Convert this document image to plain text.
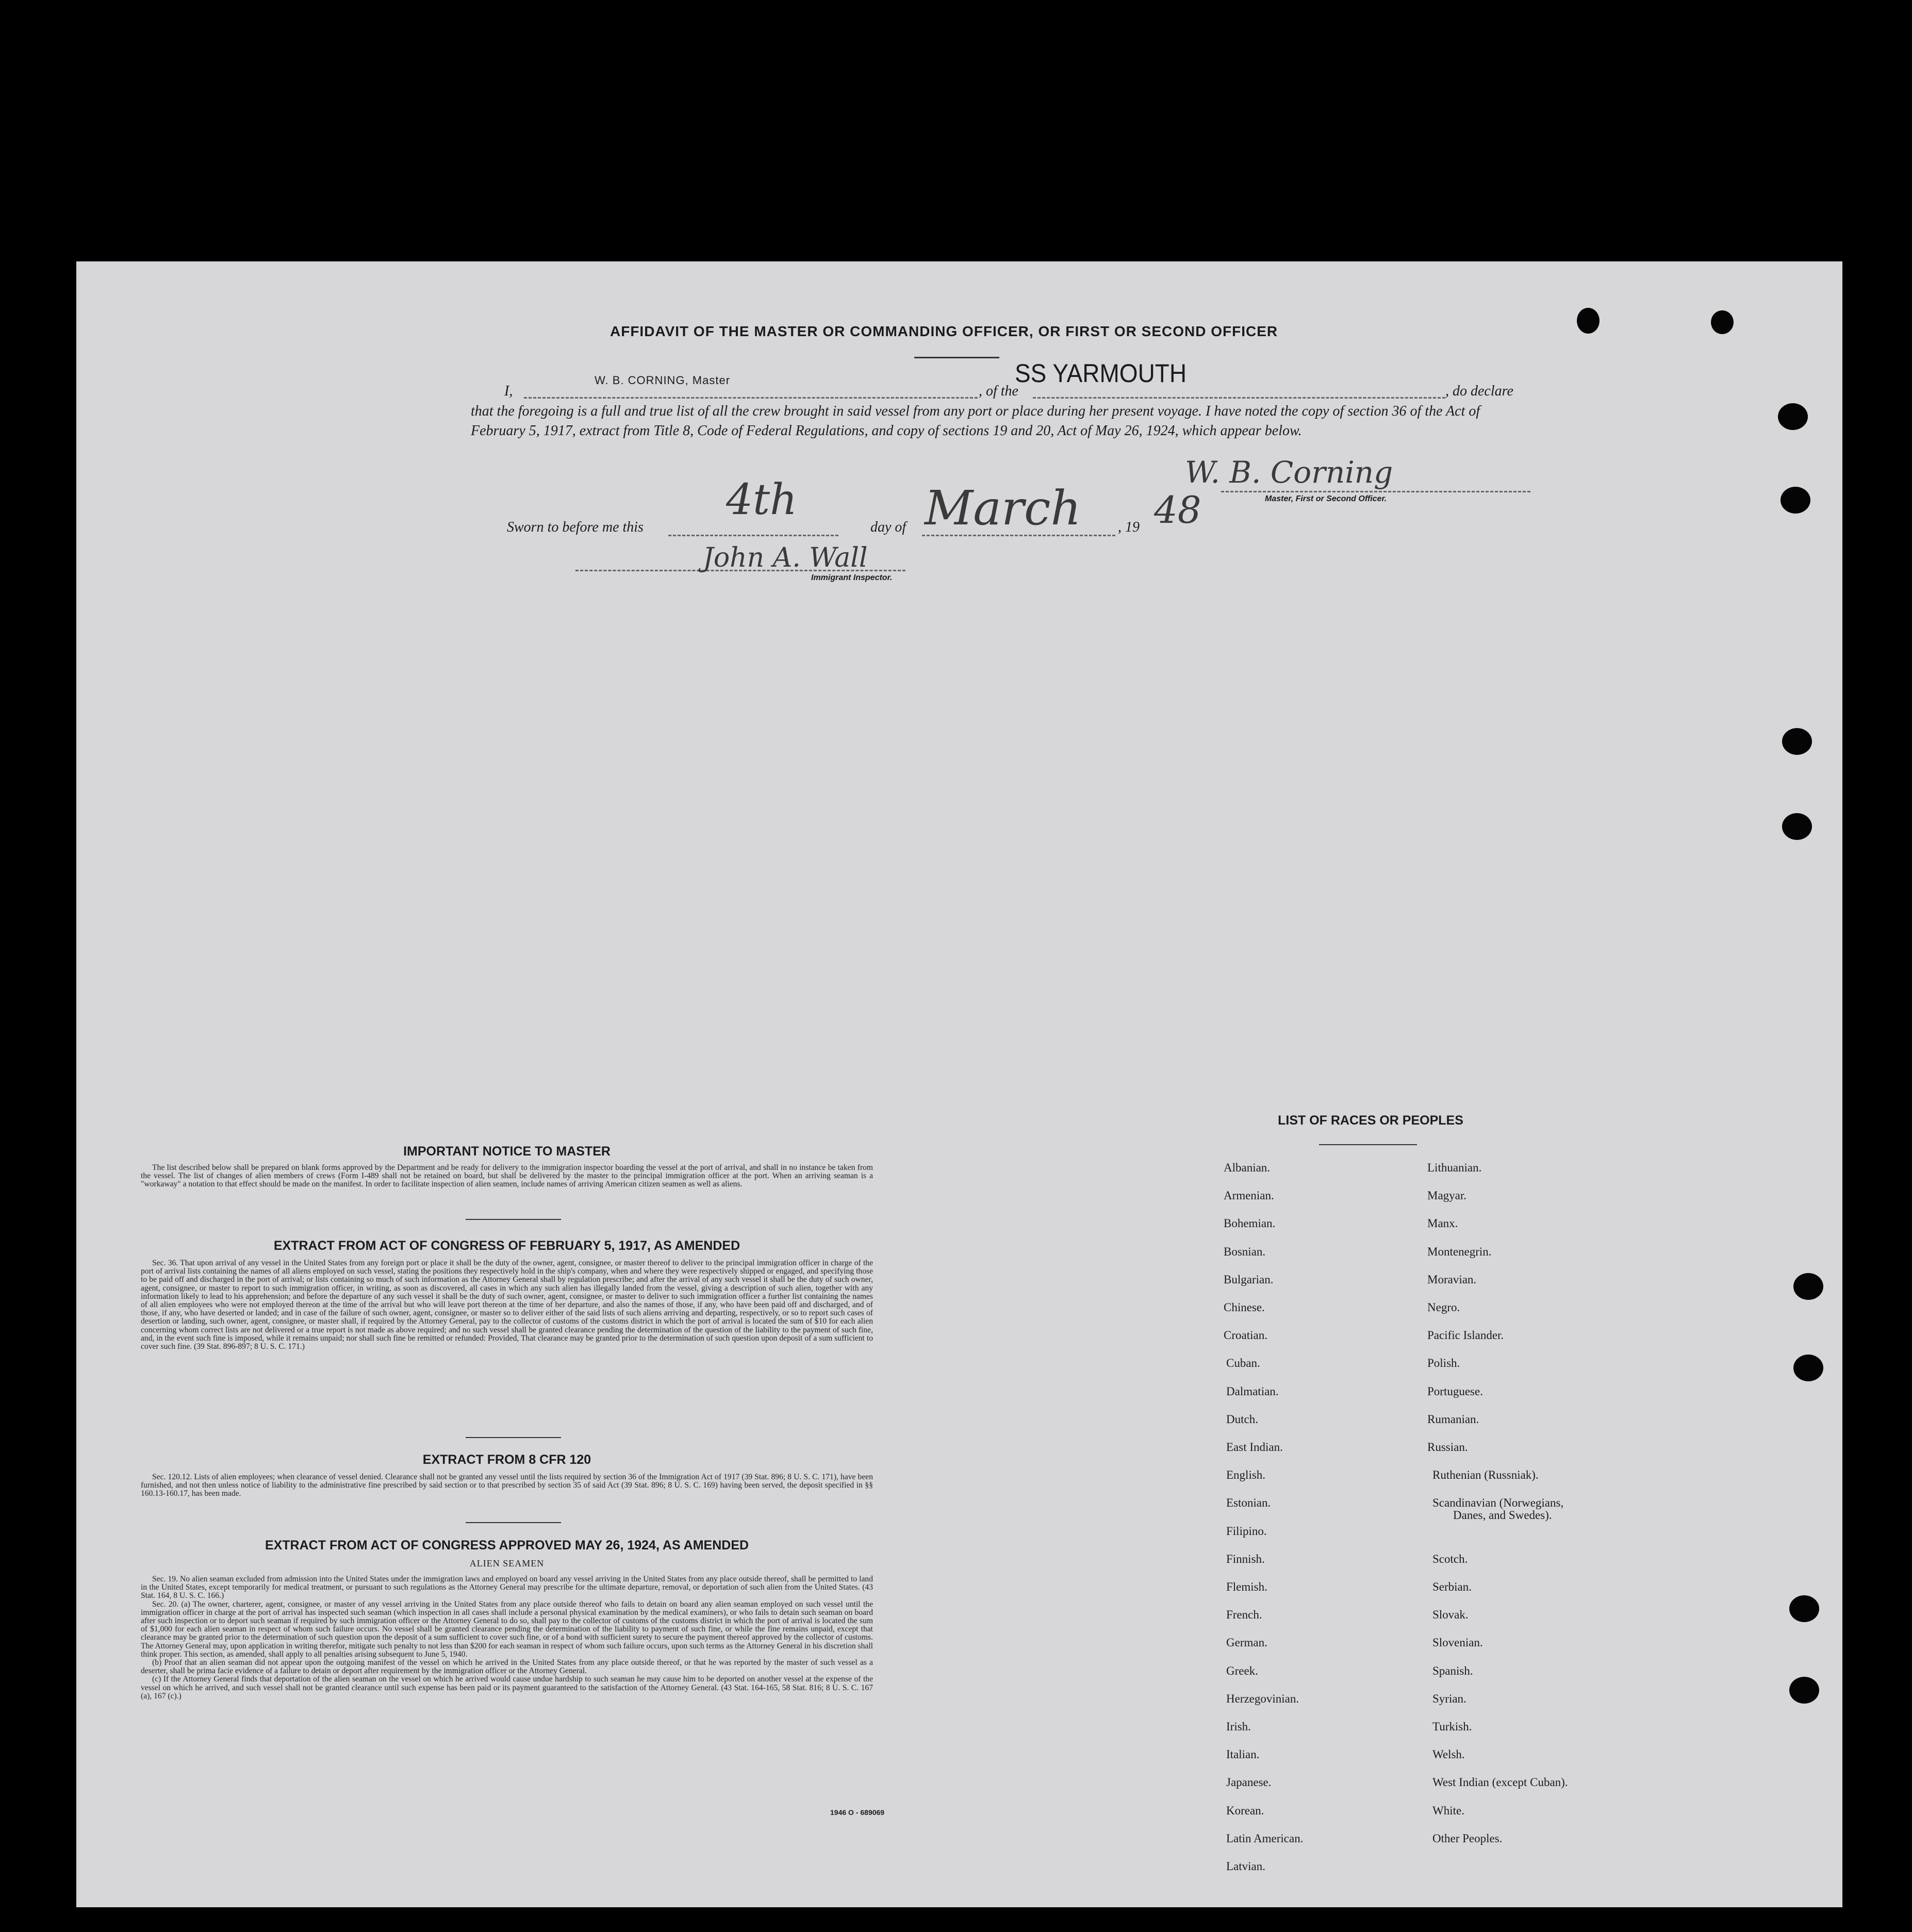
AFFIDAVIT OF THE MASTER OR COMMANDING OFFICER, OR FIRST OR SECOND OFFICER
I,
W. B. CORNING, Master
, of the
SS YARMOUTH
, do declare
that the foregoing is a full and true list of all the crew brought in said vessel from any port or place during her present voyage. I have noted the copy of section 36 of the Act of February 5, 1917, extract from Title 8, Code of Federal Regulations, and copy of sections 19 and 20, Act of May 26, 1924, which appear below.
Sworn to before me this
4th
day of March	, 19 48
W. B. Corning
Master, First or Second Officer.
John A. Wall
Immigrant Inspector.
IMPORTANT NOTICE TO MASTER

The list described below shall be prepared on blank forms approved by the Department and be ready for delivery to the immigration inspector boarding the vessel at the port of arrival, and shall in no instance be taken from the vessel. The list of changes of alien members of crews (Form I-489 shall not be retained on board, but shall be delivered by the master to the principal immigration officer at the port. When an arriving seaman is a "workaway" a notation to that effect should be made on the manifest. In order to facilitate inspection of alien seamen, include names of arriving American citizen seamen as well as aliens.

EXTRACT FROM ACT OF CONGRESS OF FEBRUARY 5, 1917, AS AMENDED

Sec. 36. That upon arrival of any vessel in the United States from any foreign port or place it shall be the duty of the owner, agent, consignee, or master thereof to deliver to the principal immigration officer in charge of the port of arrival lists containing the names of all aliens employed on such vessel, stating the positions they respectively hold in the ship's company, when and where they were respectively shipped or engaged, and specifying those to be paid off and discharged in the port of arrival; or lists containing so much of such information as the Attorney General shall by regulation prescribe; and after the arrival of any such vessel it shall be the duty of such owner, agent, consignee, or master to report to such immigration officer, in writing, as soon as discovered, all cases in which any such alien has illegally landed from the vessel, giving a description of such alien, together with any information likely to lead to his apprehension; and before the departure of any such vessel it shall be the duty of such owner, agent, consignee, or master to deliver to such immigration officer a further list containing the names of all alien employees who were not employed thereon at the time of the arrival but who will leave port thereon at the time of her departure, and also the names of those, if any, who have been paid off and discharged, and of those, if any, who have deserted or landed; and in case of the failure of such owner, agent, consignee, or master so to deliver either of the said lists of such aliens arriving and departing, respectively, or so to report such cases of desertion or landing, such owner, agent, consignee, or master shall, if required by the Attorney General, pay to the collector of customs of the customs district in which the port of arrival is located the sum of $10 for each alien concerning whom correct lists are not delivered or a true report is not made as above required; and no such vessel shall be granted clearance pending the determination of the question of the liability to the payment of such fine, and, in the event such fine is imposed, while it remains unpaid; nor shall such fine be remitted or refunded: Provided, That clearance may be granted prior to the determination of such question upon deposit of a sum sufficient to cover such fine. (39 Stat. 896-897; 8 U. S. C. 171.)

EXTRACT FROM 8 CFR 120

Sec. 120.12. Lists of alien employees; when clearance of vessel denied. Clearance shall not be granted any vessel until the lists required by section 36 of the Immigration Act of 1917 (39 Stat. 896; 8 U. S. C. 171), have been furnished, and not then unless notice of liability to the administrative fine prescribed by said section or to that prescribed by section 35 of said Act (39 Stat. 896; 8 U. S. C. 169) having been served, the deposit specified in §§ 160.13-160.17, has been made.

EXTRACT FROM ACT OF CONGRESS APPROVED MAY 26, 1924, AS AMENDED
ALIEN SEAMEN

Sec. 19. No alien seaman excluded from admission into the United States under the immigration laws and employed on board any vessel arriving in the United States from any place outside thereof, shall be permitted to land in the United States, except temporarily for medical treatment, or pursuant to such regulations as the Attorney General may prescribe for the ultimate departure, removal, or deportation of such alien from the United States. (43 Stat. 164, 8 U. S. C. 166.)

Sec. 20. (a) The owner, charterer, agent, consignee, or master of any vessel arriving in the United States from any place outside thereof who fails to detain on board any alien seaman employed on such vessel until the immigration officer in charge at the port of arrival has inspected such seaman (which inspection in all cases shall include a personal physical examination by the medical examiners), or who fails to detain such seaman on board after such inspection or to deport such seaman if required by such immigration officer or the Attorney General to do so, shall pay to the collector of customs of the customs district in which the port of arrival is located the sum of $1,000 for each alien seaman in respect of whom such failure occurs. No vessel shall be granted clearance pending the determination of the liability to payment of such fine, or while the fine remains unpaid, except that clearance may be granted prior to the determination of such question upon the deposit of a sum sufficient to cover such fine, or of a bond with sufficient surety to secure the payment thereof approved by the collector of customs. The Attorney General may, upon application in writing therefor, mitigate such penalty to not less than $200 for each seaman in respect of whom such failure occurs, upon such terms as the Attorney General in his discretion shall think proper. This section, as amended, shall apply to all penalties arising subsequent to June 5, 1940.

(b) Proof that an alien seaman did not appear upon the outgoing manifest of the vessel on which he arrived in the United States from any place outside thereof, or that he was reported by the master of such vessel as a deserter, shall be prima facie evidence of a failure to detain or deport after requirement by the immigration officer or the Attorney General.

(c) If the Attorney General finds that deportation of the alien seaman on the vessel on which he arrived would cause undue hardship to such seaman he may cause him to be deported on another vessel at the expense of the vessel on which he arrived, and such vessel shall not be granted clearance until such expense has been paid or its payment guaranteed to the satisfaction of the Attorney General. (43 Stat. 164-165, 58 Stat. 816; 8 U. S. C. 167 (a), 167 (c).)

1946 O - 689069
LIST OF RACES OR PEOPLES
Albanian.
Armenian.
Bohemian.
Bosnian.
Bulgarian.
Chinese.
Croatian.
Cuban.
Dalmatian.
Dutch.
East Indian.
English.
Estonian.
Filipino.
Finnish.
Flemish.
French.
German.
Greek.
Herzegovinian.
Irish.
Italian.
Japanese.
Korean.
Latin American.
Latvian.
Lithuanian.
Magyar.
Manx.
Montenegrin.
Moravian.
Negro.
Pacific Islander.
Polish.
Portuguese.
Rumanian.
Russian.
Ruthenian (Russniak).
Scandinavian (Norwegians,
Danes, and Swedes).
Scotch.
Serbian.
Slovak.
Slovenian.
Spanish.
Syrian.
Turkish.
Welsh.
West Indian (except Cuban).
White.
Other Peoples.
